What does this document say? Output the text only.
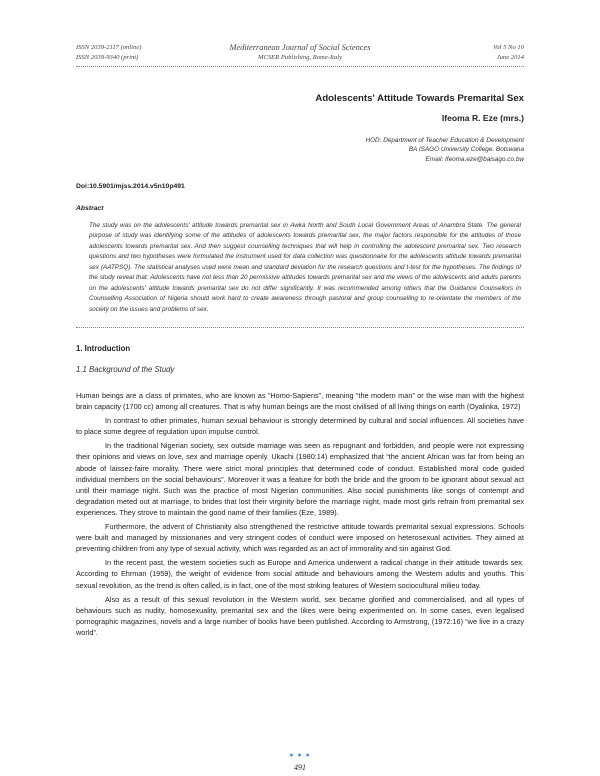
ISSN 2039-2117 (online)
ISSN 2039-9340 (print)
Mediterranean Journal of Social Sciences
MCSER Publishing, Rome-Italy
Vol 5 No 10
June 2014
Adolescents' Attitude Towards Premarital Sex
Ifeoma R. Eze (mrs.)
HOD: Department of Teacher Education & Development
BA ISAGO University College. Botswana
Email: Ifeoma.eze@baisago.co.bw
Doi:10.5901/mjss.2014.v5n10p491
Abstract

The study was on the adolescents' attitude towards premarital sex in Awka North and South Local Government Areas of Anambra State. The general purpose of study was identifying some of the attitudes of adolescents towards premarital sex, the major factors responsible for the attitudes of those adolescents towards premarital sex. And then suggest counselling techniques that will help in controlling the adolescent premarital sex. Two research questions and two hypotheses were formulated the instrument used for data collection was questionnaire for the adolescents attitude towards premarital sex (AATPSQ). The statistical analyses used were mean and standard deviation for the research questions and t-test for the hypotheses. The findings of the study reveal that: Adolescents have not less than 20 permissive attitudes towards premarital sex and the views of the adolescents and adults parents on the adolescents' attitude towards premarital sex do not differ significantly. It was recommended among others that the Guidance Counsellors in Counselling Association of Nigeria should work hard to create awareness through pastoral and group counselling to re-orientate the members of the society on the issues and problems of sex.

1. Introduction
1.1 Background of the Study

Human beings are a class of primates, who are known as “Homo-Sapiens”, meaning “the modern man” or the wise man with the highest brain capacity (1700 cc) among all creatures. That is why human beings are the most civilised of all living things on earth (Oyalinka, 1972)

In contrast to other primates, human sexual behaviour is strongly determined by cultural and social influences. All societies have to place some degree of regulation upon impulse control.

In the traditional Nigerian society, sex outside marriage was seen as repugnant and forbidden, and people were not expressing their opinions and views on love, sex and marriage openly. Ukachi (1980:14) emphasized that “the ancient African was far from being an abode of laissez-faire morality. There were strict moral principles that determined code of conduct. Established moral code guided individual members on the social behaviours”. Moreover it was a feature for both the bride and the groom to be ignorant about sexual act until their marriage night. Such was the practice of most Nigerian communities. Also social punishments like songs of contempt and degradation meted out at marriage, to brides that lost their virginity before the marriage night, made most girls refrain from premarital sex experiences. They strove to maintain the good name of their families (Eze, 1989).

Furthermore, the advent of Christianity also strengthened the restrictive attitude towards premarital sexual expressions. Schools were built and managed by missionaries and very stringent codes of conduct were imposed on heterosexual activities. They aimed at preventing children from any type of sexual activity, which was regarded as an act of immorality and sin against God.

In the recent past, the western societies such as Europe and America underwent a radical change in their attitude towards sex. According to Ehrman (1959), the weight of evidence from social attitude and behaviours among the Western adults and youths. This sexual revolution, as the trend is often called, is in fact, one of the most striking features of Western sociocultural milieu today.

Also as a result of this sexual revolution in the Western world, sex became glorified and commercialised, and all types of behaviours such as nudity, homosexuality, premarital sex and the likes were being experimented on. In some cases, even legalised pornographic magazines, novels and a large number of books have been published. According to Armstrong, (1972:16) “we live in a crazy world”.

● ● ●
491
